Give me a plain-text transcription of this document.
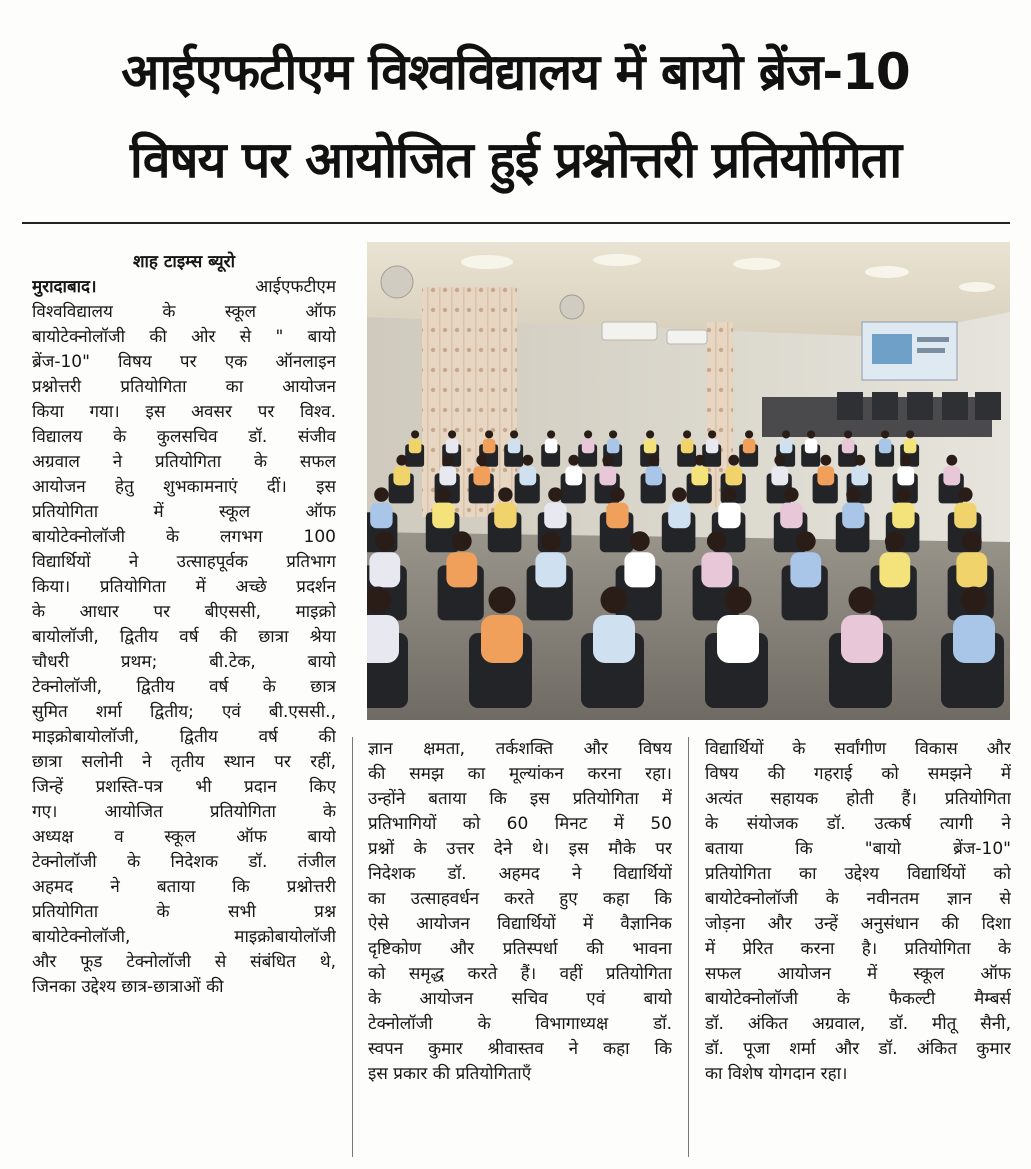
आईएफटीएम विश्वविद्यालय में बायो ब्रेंज-10
विषय पर आयोजित हुई प्रश्नोत्तरी प्रतियोगिता
शाह टाइम्स ब्यूरो
मुरादाबाद। आईएफटीएम
विश्वविद्यालय के स्कूल ऑफ
बायोटेक्नोलॉजी की ओर से " बायो
ब्रेंज-10" विषय पर एक ऑनलाइन
प्रश्नोत्तरी प्रतियोगिता का आयोजन
किया गया। इस अवसर पर विश्व.
विद्यालय के कुलसचिव डॉ. संजीव
अग्रवाल ने प्रतियोगिता के सफल
आयोजन हेतु शुभकामनाएं दीं। इस
प्रतियोगिता में स्कूल ऑफ
बायोटेक्नोलॉजी के लगभग 100
विद्यार्थियों ने उत्साहपूर्वक प्रतिभाग
किया। प्रतियोगिता में अच्छे प्रदर्शन
के आधार पर बीएससी, माइक्रो
बायोलॉजी, द्वितीय वर्ष की छात्रा श्रेया
चौधरी प्रथम; बी.टेक, बायो
टेक्नोलॉजी, द्वितीय वर्ष के छात्र
सुमित शर्मा द्वितीय; एवं बी.एससी.,
माइक्रोबायोलॉजी, द्वितीय वर्ष की
छात्रा सलोनी ने तृतीय स्थान पर रहीं,
जिन्हें प्रशस्ति-पत्र भी प्रदान किए
गए। आयोजित प्रतियोगिता के
अध्यक्ष व स्कूल ऑफ बायो
टेक्नोलॉजी के निदेशक डॉ. तंजील
अहमद ने बताया कि प्रश्नोत्तरी
प्रतियोगिता के सभी प्रश्न
बायोटेक्नोलॉजी, माइक्रोबायोलॉजी
और फूड टेक्नोलॉजी से संबंधित थे,
जिनका उद्देश्य छात्र-छात्राओं की
ज्ञान क्षमता, तर्कशक्ति और विषय
की समझ का मूल्यांकन करना रहा।
उन्होंने बताया कि इस प्रतियोगिता में
प्रतिभागियों को 60 मिनट में 50
प्रश्नों के उत्तर देने थे। इस मौके पर
निदेशक डॉ. अहमद ने विद्यार्थियों
का उत्साहवर्धन करते हुए कहा कि
ऐसे आयोजन विद्यार्थियों में वैज्ञानिक
दृष्टिकोण और प्रतिस्पर्धा की भावना
को समृद्ध करते हैं। वहीं प्रतियोगिता
के आयोजन सचिव एवं बायो
टेक्नोलॉजी के विभागाध्यक्ष डॉ.
स्वपन कुमार श्रीवास्तव ने कहा कि
इस प्रकार की प्रतियोगिताएँ
विद्यार्थियों के सर्वांगीण विकास और
विषय की गहराई को समझने में
अत्यंत सहायक होती हैं। प्रतियोगिता
के संयोजक डॉ. उत्कर्ष त्यागी ने
बताया कि "बायो ब्रेंज-10"
प्रतियोगिता का उद्देश्य विद्यार्थियों को
बायोटेक्नोलॉजी के नवीनतम ज्ञान से
जोड़ना और उन्हें अनुसंधान की दिशा
में प्रेरित करना है। प्रतियोगिता के
सफल आयोजन में स्कूल ऑफ
बायोटेक्नोलॉजी के फैकल्टी मैम्बर्स
डॉ. अंकित अग्रवाल, डॉ. मीतू सैनी,
डॉ. पूजा शर्मा और डॉ. अंकित कुमार
का विशेष योगदान रहा।
